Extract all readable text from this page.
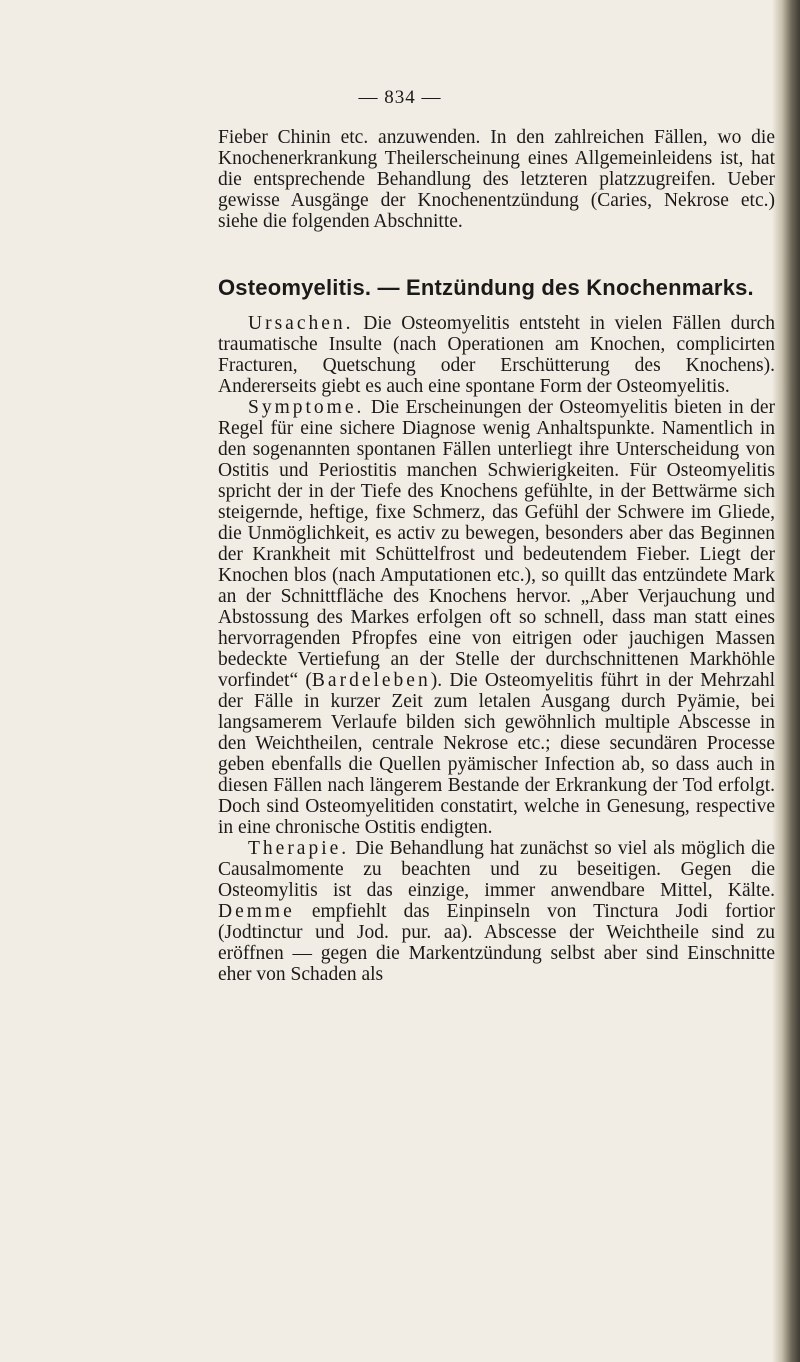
— 834 —

Fieber Chinin etc. anzuwenden. In den zahlreichen Fällen, wo die Knochenerkrankung Theilerscheinung eines Allgemeinleidens ist, hat die entsprechende Behandlung des letzteren platzzugreifen. Ueber gewisse Ausgänge der Knochenentzündung (Caries, Nekrose etc.) siehe die folgenden Abschnitte.

Osteomyelitis. — Entzündung des Knochenmarks.

Ursachen. Die Osteomyelitis entsteht in vielen Fällen durch traumatische Insulte (nach Operationen am Knochen, complicirten Fracturen, Quetschung oder Erschütterung des Knochens). Andererseits giebt es auch eine spontane Form der Osteomyelitis.

Symptome. Die Erscheinungen der Osteomyelitis bieten in der Regel für eine sichere Diagnose wenig Anhaltspunkte. Namentlich in den sogenannten spontanen Fällen unterliegt ihre Unterscheidung von Ostitis und Periostitis manchen Schwierigkeiten. Für Osteomyelitis spricht der in der Tiefe des Knochens gefühlte, in der Bettwärme sich steigernde, heftige, fixe Schmerz, das Gefühl der Schwere im Gliede, die Unmöglichkeit, es activ zu bewegen, besonders aber das Beginnen der Krankheit mit Schüttelfrost und bedeutendem Fieber. Liegt der Knochen blos (nach Amputationen etc.), so quillt das entzündete Mark an der Schnittfläche des Knochens hervor. „Aber Verjauchung und Abstossung des Markes erfolgen oft so schnell, dass man statt eines hervorragenden Pfropfes eine von eitrigen oder jauchigen Massen bedeckte Vertiefung an der Stelle der durchschnittenen Markhöhle vorfindet“ (Bardeleben). Die Osteomyelitis führt in der Mehrzahl der Fälle in kurzer Zeit zum letalen Ausgang durch Pyämie, bei langsamerem Verlaufe bilden sich gewöhnlich multiple Abscesse in den Weichtheilen, centrale Nekrose etc.; diese secundären Processe geben ebenfalls die Quellen pyämischer Infection ab, so dass auch in diesen Fällen nach längerem Bestande der Erkrankung der Tod erfolgt. Doch sind Osteomyelitiden constatirt, welche in Genesung, respective in eine chronische Ostitis endigten.

Therapie. Die Behandlung hat zunächst so viel als möglich die Causalmomente zu beachten und zu beseitigen. Gegen die Osteomylitis ist das einzige, immer anwendbare Mittel, Kälte. Demme empfiehlt das Einpinseln von Tinctura Jodi fortior (Jodtinctur und Jod. pur. aa). Abscesse der Weichtheile sind zu eröffnen — gegen die Markentzündung selbst aber sind Einschnitte eher von Schaden als
